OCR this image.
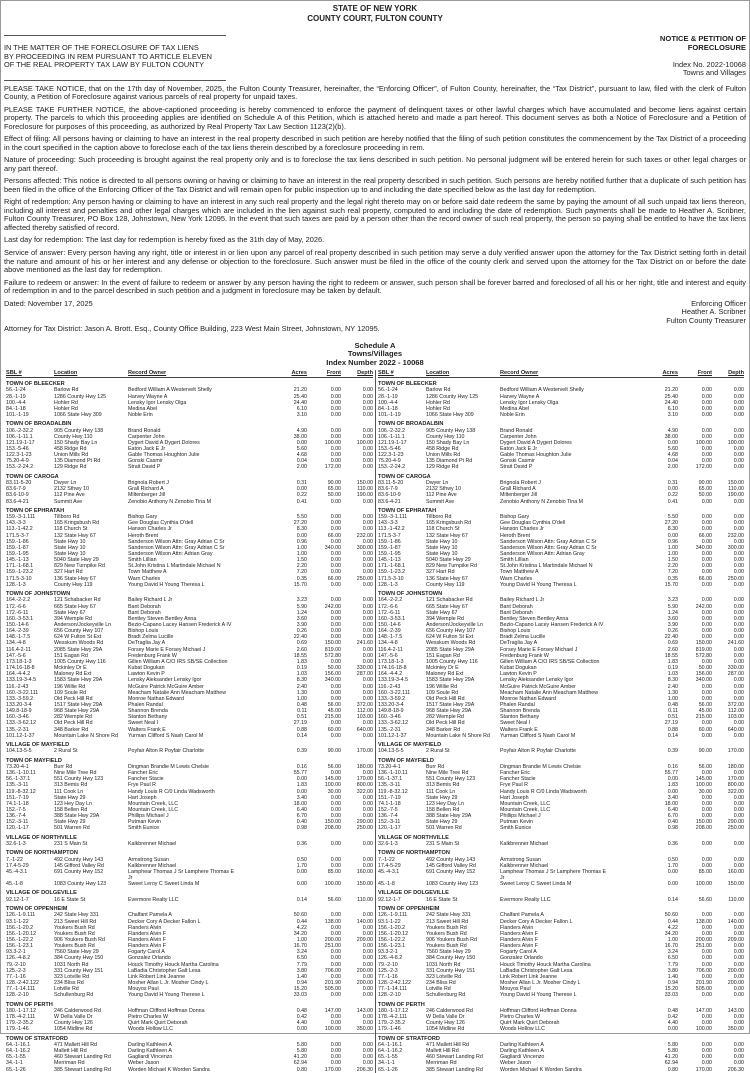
STATE OF NEW YORK
COUNTY COURT, FULTON COUNTY
IN THE MATTER OF THE FORECLOSURE OF TAX LIENS
BY PROCEEDING IN REM PURSUANT TO ARTICLE ELEVEN
OF THE REAL PROPERTY TAX LAW BY FULTON COUNTY
NOTICE & PETITION OF
FORECLOSURE
Index No. 2022-10068
Towns and Villages

PLEASE TAKE NOTICE, that on the 17th day of November, 2025, the Fulton County Treasurer, hereinafter, the “Enforcing Officer”, of Fulton County, hereinafter, the “Tax District”, pursuant to law, filed with the clerk of Fulton County, a Petition of Foreclosure against various parcels of real property for unpaid taxes.

PLEASE TAKE FURTHER NOTICE, the above-captioned proceeding is hereby commenced to enforce the payment of delinquent taxes or other lawful charges which have accumulated and become liens against certain property. The parcels to which this proceeding applies are identified on Schedule A of this Petition, which is attached hereto and made a part hereof. This document serves as both a Notice of Foreclosure and a Petition of Foreclosure for purposes of this proceeding, as authorized by Real Property Tax Law Section 1123(2)(b).

Effect of filing: All persons having or claiming to have an interest in the real property described in such petition are hereby notified that the filing of such petition constitutes the commencement by the Tax District of a proceeding in the court specified in the caption above to foreclose each of the tax liens therein described by a foreclosure proceeding in rem.

Nature of proceeding: Such proceeding is brought against the real property only and is to foreclose the tax liens described in such petition. No personal judgment will be entered herein for such taxes or other legal charges or any part thereof.

Persons affected: This notice is directed to all persons owning or having or claiming to have an interest in the real property described in such petition. Such persons are hereby notified further that a duplicate of such petition has been filed in the office of the Enforcing Officer of the Tax District and will remain open for public inspection up to and including the date specified below as the last day for redemption.

Right of redemption: Any person having or claiming to have an interest in any such real property and the legal right thereto may on or before said date redeem the same by paying the amount of all such unpaid tax liens thereon, including all interest and penalties and other legal charges which are included in the lien against such real property, computed to and including the date of redemption. Such payments shall be made to Heather A. Scribner, Fulton County Treasurer, PO Box 128, Johnstown, New York 12095. In the event that such taxes are paid by a person other than the record owner of such real property, the person so paying shall be entitled to have the tax liens affected thereby satisfied of record.

Last day for redemption: The last day for redemption is hereby fixed as the 31th day of May, 2026.

Service of answer: Every person having any right, title or interest in or lien upon any parcel of real property described in such petition may serve a duly verified answer upon the attorney for the Tax District setting forth in detail the nature and amount of his or her interest and any defense or objection to the foreclosure. Such answer must be filed in the office of the county clerk and served upon the attorney for the Tax District on or before the date above mentioned as the last day for redemption.

Failure to redeem or answer: In the event of failure to redeem or answer by any person having the right to redeem or answer, such person shall be forever barred and foreclosed of all his or her right, title and interest and equity of redemption in and to the parcel described in such petition and a judgment in foreclosure may be taken by default.

Dated: November 17, 2025	Enforcing Officer
Heather A. Scribner
Fulton County Treasurer

Attorney for Tax District: Jason A. Brott. Esq., County Office Building, 223 West Main Street, Johnstown, NY 12095.

Schedule A
Towns/Villages
Index Number 2022 - 10068
SBL #	Location	Record Owner	Acres	Front	Depth
TOWN OF BLEECKER
56.-1-24	Barlow Rd	Bedford William A Westervelt Shelly	21.20	0.00	0.00
28.-1-19	1286 County Hwy 125	Harvey Wayne A	25.40	0.00	0.00
100.-4-4	Hohler Rd	Lensky Igor Lensky Olga	24.40	0.00	0.00
84.-1-18	Hohler Rd	Medina Abel	6.10	0.00	0.00
101.-1-19	1066 State Hwy 309	Noble Erin	3.10	0.00	0.00
TOWN OF BROADALBIN
106.-2-32.2	905 County Hwy 138	Brand Ronald	4.90	0.00	0.00
106.-1-11.1	County Hwy 110	Carpenter John	38.00	0.00	0.00
121.19-1-17	150 Shady Bay Ln	Dygert David A Dygert Dolores	0.00	100.00	100.00
153.-5-46	458 Ridge Rd	Eaton Jack E Jr	5.60	0.00	0.00
122.3-1-23	Union Mills Rd	Gable Thomas Houghton Julie	4.68	0.00	0.00
75.20-4-9	135 Diamond Pt Rd	Gonski Casmir	0.04	0.00	0.00
153.-2-24.2	129 Ridge Rd	Strait David P	2.00	172.00	0.00
TOWN OF CAROGA
83.11-5-20	Dwyer Ln	Brignola Robert J	0.31	90.00	150.00
83.6-7-9	2132 Sthwy 10	Grall Richard A	0.00	65.00	110.00
83.6-10-9	112 Pine Ave	Miltenberger Jill	0.22	50.00	190.00
83.6-4-21	Summit Ave	Zenobio Anthony N Zenobio Tina M	0.41	0.00	0.00
TOWN OF EPHRATAH
159.-3-1.111	Tillboro Rd	Bishop Gary	5.50	0.00	0.00
143.-3-3	165 Kringsbush Rd	Gee Douglas Cynthia O'dell	27.20	0.00	0.00
113.-1-42.2	118 Church St	Hanson Charles Jr	8.30	0.00	0.00
171.5-3-7	132 State Hwy 67	Heroth Brent	0.00	66.00	232.00
159.-1-86	State Hwy 10	Sanderson Wilson Attn: Gray Adrian C Sr	0.96	0.00	0.00
159.-1-87	State Hwy 10	Sanderson Wilson Attn: Gray Adrian C Sr	1.00	340.00	300.00
159.-1-95	State Hwy 10	Sanderson Wilson Attn: Adrian Gray	1.00	0.00	0.00
145.-1-13	5040 State Hwy 29	Smith Lillian	1.50	0.00	0.00
171.-1-68.1	829 New Turnpike Rd	St.John Kristina L Martindale Michael N	2.20	0.00	0.00
159.-1-23.2	327 Hart Rd	Town Matthew A	7.20	0.00	0.00
171.5-3-10	136 State Hwy 67	Warn Charles	0.35	66.00	250.00
128.-1-3	County Hwy 119	Young David H Young Theresa L	15.70	0.00	0.00
TOWN OF JOHNSTOWN
164.-2-2.2	121 Schabacker Rd	Bailey Richard L Jr	3.23	0.00	0.00
172.-6-6	665 State Hwy 67	Bant Deborah	5.90	242.00	0.00
172.-6-11	State Hwy 67	Bant Deborah	1.24	0.00	0.00
160.-3-53.1	394 Wemple Rd	Bentley Steven Bentley Anna	3.60	0.00	0.00
150.-14-6	Anderson/Jockeyville Ln	Bezio-Capano Lacey Hansen Frederick A IV	3.90	0.00	0.00
164.-2-39	656 County Hwy 107	Bishop Louis	0.26	0.00	0.00
148.-1-7.5	624 W Fulton St Ext	Bradt Zelma Lucille	22.40	0.00	0.00
134.-4-8	Wesskum Woods Rd	DeTraglia Jay A	0.69	150.00	241.60
116.4-2-11	2085 State Hwy 29A	Forsey Marie E Forsey Michael J	2.60	819.00	0.00
147.-5-6	151 Eagan Rd	Fredenburg Frank W	18.55	572.80	0.00
173.18-1-3	1005 County Hwy 116	Gillen William A C/O IRS SB/SE Collection	1.83	0.00	0.00
174.16-18-8	Mckinley Dr E	Kubat Dogukan	0.19	50.00	330.00
164.-4-4.2	Maloney Rd Ext	Lawton Kevin P	1.03	156.00	287.00
133.19-3-4.5	1583 State Hwy 29A	Lensky Aleksander Lensky Igor	8.30	340.00	0.00
116.-2-43	196 Willie Rd	McGuire Patrick McGuire Amber	2.40	0.00	0.00
160.-3-22.111	109 Soule Rd	Meacham Natalie Ann Meacham Matthew	1.30	0.00	0.00
133.-3-59.2	Old Peck Hill Rd	Monroe Nathan Edward	1.00	0.00	0.00
133.20-3-4	1517 State Hwy 29A	Phalen Randal	0.48	56.00	372.00
149.8-18-9	968 State Hwy 29A	Shannon Brenda	0.11	45.00	112.00
160.-3-46	282 Wemple Rd	Stanton Bethany	0.51	215.00	103.00
133.-3-62.12	Old Peck Hill Rd	Sweet Neal I	27.19	0.00	0.00
135.-2-31	348 Barker Rd	Walters Frank E	0.88	60.00	640.00
101.12-1-37	Mountain Lake N Shore Rd	Yurman Clifford S Nash Carol M	0.14	0.00	0.00
VILLAGE OF MAYFIELD
104.13-5-5	2 Rural St	Poyfair Alton R Poyfair Charlotte	0.39	90.00	170.00
TOWN OF MAYFIELD
73.20-4-1	Burr Rd	Dingman Brandie M Lewis Chelsie	0.16	56.00	180.00
136.-1-10.11	Nine Mile Tree Rd	Fancher Eric	55.77	0.00	0.00
56.-1-37.1	551 County Hwy 123	Fancher Stacie	0.00	145.00	170.00
135.-3-11	313 Bemis Rd	Frye Paul R	1.83	100.00	800.00
119.-8-32.12	111 Cook Ln	Handy Louis R C/0 Linda Wadsworth	0.00	30.00	322.00
151.-7-19	State Hwy 29	Hart Joseph	3.40	0.00	0.00
74.1-1-18	123 Hey Day Ln	Mountain Creek, LLC	18.00	0.00	0.00
152.-7-5	158 Bellen Rd	Mountain Creek, LLC	6.40	0.00	0.00
136.-7-4	388 State Hwy 29A	Phillips Michael J	6.70	0.00	0.00
152.-3-11	State Hwy 29	Putman Kevin	0.40	150.00	290.00
120.-1-17	501 Warren Rd	Smith Eunice	0.98	208.00	250.00
VILLAGE OF NORTHVILLE
32.6-1-3	231 S Main St	Kalkbrenner Michael	0.36	0.00	0.00
TOWN OF NORTHAMPTON
7.-1-22	492 County Hwy 143	Armstrong Susan	0.50	0.00	0.00
17.4-5-29	145 Gifford Valley Rd	Kalkbrenner Michael	1.70	0.00	0.00
45.-4-3.1	691 County Hwy 152	Lamphear Thomas J Sr Lamphere Thomas E Jr
0.00	85.00	160.00
45.-1-8	1083 County Hwy 123	Sweet Leroy C Sweet Linda M	0.00	100.00	150.00
VILLAGE OF DOLGEVILLE
92.12-1-7	16 E State St	Evermore Realty LLC	0.14	56.60	110.00
TOWN OF OPPENHEIM
126.-1-9.111	242 State Hwy 331	Chalfant Pamela A	50.60	0.00	0.00
93.1-1-22	213 Sweet Hill Rd	Decker Cory A Decker Fallon L	0.44	138.00	140.00
156.-1-20.2	Youkers Bush Rd	Flanders Alvin	4.22	0.00	0.00
156.-1-20.12	Youkers Bush Rd	Flanders Alvin F	34.20	0.00	0.00
156.-1-22.2	906 Youkers Bush Rd	Flanders Alvin F	1.00	200.00	209.00
156.-1-23.1	Youkers Bush Rd	Flanders Alvin F	16.70	251.00	0.00
93.3-2-1	7560 State Hwy 29	Fogarty Carol A	3.24	0.00	0.00
126.-4-8.2	384 County Hwy 150	Gonzalez Orlando	6.50	0.00	0.00
79.-2-10	1031 North Rd	Houck Timothy Houck Martha Carolina	7.79	0.00	0.00
125.-2-3	331 County Hwy 151	LaBadia Christopher Galt Lesa	3.80	706.00	200.00
77.-1-16	323 Lotville Rd	Link Robert Link Jeanne	1.40	0.00	0.00
128.-2-42.122	234 Bliss Rd	Mosher Allan L Jr. Mosher Cindy L	0.94	201.90	200.00
77.-1-14.111	Lotville Rd	Mouyos Paul	15.20	505.00	0.00
128.-2-10	Schullenburg Rd	Young David H Young Therese L	33.03	0.00	0.00
TOWN OF PERTH
180.-1-17.12	246 Calderwood Rd	Hoffman Clifford Hoffman Donna	0.48	147.00	143.00
178.-4-2.111	W Della Valle Dr	Pietro Charles W	0.42	0.00	0.00
179.-2-35.2	County Hwy 126	Quirt Mark Quirt Deborah	4.40	0.00	0.00
179.-1-46	1054 Midline Rd	Woods Hollow LLC	0.00	100.00	350.00
TOWN OF STRATFORD
64.-1-16.1	471 Mallett Hill Rd	Darling Kathleen A	5.80	0.00	0.00
64.-1-16.2	Mallett Hill Rd	Darling Kathleen A	5.80	0.00	0.00
65.-1-55	460 Stewart Landing Rd	Gagliardi Vincenzo	41.20	0.00	0.00
34.-1-1	Merriman Rd	Weber Jason	62.94	0.00	0.00
65.-1-26	385 Stewart Landing Rd	Worden Michael K Worden Sandra	0.80	170.00	206.30
SBL #	Location	Record Owner	Acres	Front	Depth
TOWN OF BLEECKER
56.-1-24	Barlow Rd	Bedford William A Westervelt Shelly	21.20	0.00	0.00
28.-1-19	1286 County Hwy 125	Harvey Wayne A	25.40	0.00	0.00
100.-4-4	Hohler Rd	Lensky Igor Lensky Olga	24.40	0.00	0.00
84.-1-18	Hohler Rd	Medina Abel	6.10	0.00	0.00
101.-1-19	1066 State Hwy 309	Noble Erin	3.10	0.00	0.00
TOWN OF BROADALBIN
106.-2-32.2	905 County Hwy 138	Brand Ronald	4.90	0.00	0.00
106.-1-11.1	County Hwy 110	Carpenter John	38.00	0.00	0.00
121.19-1-17	150 Shady Bay Ln	Dygert David A Dygert Dolores	0.00	100.00	100.00
153.-5-46	458 Ridge Rd	Eaton Jack E Jr	5.60	0.00	0.00
122.3-1-23	Union Mills Rd	Gable Thomas Houghton Julie	4.68	0.00	0.00
75.20-4-9	135 Diamond Pt Rd	Gonski Casmir	0.04	0.00	0.00
153.-2-24.2	129 Ridge Rd	Strait David P	2.00	172.00	0.00
TOWN OF CAROGA
83.11-5-20	Dwyer Ln	Brignola Robert J	0.31	90.00	150.00
83.6-7-9	2132 Sthwy 10	Grall Richard A	0.00	65.00	110.00
83.6-10-9	112 Pine Ave	Miltenberger Jill	0.22	50.00	190.00
83.6-4-21	Summit Ave	Zenobio Anthony N Zenobio Tina M	0.41	0.00	0.00
TOWN OF EPHRATAH
159.-3-1.111	Tillboro Rd	Bishop Gary	5.50	0.00	0.00
143.-3-3	165 Kringsbush Rd	Gee Douglas Cynthia O'dell	27.20	0.00	0.00
113.-1-42.2	118 Church St	Hanson Charles Jr	8.30	0.00	0.00
171.5-3-7	132 State Hwy 67	Heroth Brent	0.00	66.00	232.00
159.-1-86	State Hwy 10	Sanderson Wilson Attn: Gray Adrian C Sr	0.96	0.00	0.00
159.-1-87	State Hwy 10	Sanderson Wilson Attn: Gray Adrian C Sr	1.00	340.00	300.00
159.-1-95	State Hwy 10	Sanderson Wilson Attn: Adrian Gray	1.00	0.00	0.00
145.-1-13	5040 State Hwy 29	Smith Lillian	1.50	0.00	0.00
171.-1-68.1	829 New Turnpike Rd	St.John Kristina L Martindale Michael N	2.20	0.00	0.00
159.-1-23.2	327 Hart Rd	Town Matthew A	7.20	0.00	0.00
171.5-3-10	136 State Hwy 67	Warn Charles	0.35	66.00	250.00
128.-1-3	County Hwy 119	Young David H Young Theresa L	15.70	0.00	0.00
TOWN OF JOHNSTOWN
164.-2-2.2	121 Schabacker Rd	Bailey Richard L Jr	3.23	0.00	0.00
172.-6-6	665 State Hwy 67	Bant Deborah	5.90	242.00	0.00
172.-6-11	State Hwy 67	Bant Deborah	1.24	0.00	0.00
160.-3-53.1	394 Wemple Rd	Bentley Steven Bentley Anna	3.60	0.00	0.00
150.-14-6	Anderson/Jockeyville Ln	Bezio-Capano Lacey Hansen Frederick A IV	3.90	0.00	0.00
164.-2-39	656 County Hwy 107	Bishop Louis	0.26	0.00	0.00
148.-1-7.5	624 W Fulton St Ext	Bradt Zelma Lucille	22.40	0.00	0.00
134.-4-8	Wesskum Woods Rd	DeTraglia Jay A	0.69	150.00	241.60
116.4-2-11	2085 State Hwy 29A	Forsey Marie E Forsey Michael J	2.60	819.00	0.00
147.-5-6	151 Eagan Rd	Fredenburg Frank W	18.55	572.80	0.00
173.18-1-3	1005 County Hwy 116	Gillen William A C/O IRS SB/SE Collection	1.83	0.00	0.00
174.16-18-8	Mckinley Dr E	Kubat Dogukan	0.19	50.00	330.00
164.-4-4.2	Maloney Rd Ext	Lawton Kevin P	1.03	156.00	287.00
133.19-3-4.5	1583 State Hwy 29A	Lensky Aleksander Lensky Igor	8.30	340.00	0.00
116.-2-43	196 Willie Rd	McGuire Patrick McGuire Amber	2.40	0.00	0.00
160.-3-22.111	109 Soule Rd	Meacham Natalie Ann Meacham Matthew	1.30	0.00	0.00
133.-3-59.2	Old Peck Hill Rd	Monroe Nathan Edward	1.00	0.00	0.00
133.20-3-4	1517 State Hwy 29A	Phalen Randal	0.48	56.00	372.00
149.8-18-9	968 State Hwy 29A	Shannon Brenda	0.11	45.00	112.00
160.-3-46	282 Wemple Rd	Stanton Bethany	0.51	215.00	103.00
133.-3-62.12	Old Peck Hill Rd	Sweet Neal I	27.19	0.00	0.00
135.-2-31	348 Barker Rd	Walters Frank E	0.88	60.00	640.00
101.12-1-37	Mountain Lake N Shore Rd	Yurman Clifford S Nash Carol M	0.14	0.00	0.00
VILLAGE OF MAYFIELD
104.13-5-5	2 Rural St	Poyfair Alton R Poyfair Charlotte	0.39	90.00	170.00
TOWN OF MAYFIELD
73.20-4-1	Burr Rd	Dingman Brandie M Lewis Chelsie	0.16	56.00	180.00
136.-1-10.11	Nine Mile Tree Rd	Fancher Eric	55.77	0.00	0.00
56.-1-37.1	551 County Hwy 123	Fancher Stacie	0.00	145.00	170.00
135.-3-11	313 Bemis Rd	Frye Paul R	1.83	100.00	800.00
119.-8-32.12	111 Cook Ln	Handy Louis R C/0 Linda Wadsworth	0.00	30.00	322.00
151.-7-19	State Hwy 29	Hart Joseph	3.40	0.00	0.00
74.1-1-18	123 Hey Day Ln	Mountain Creek, LLC	18.00	0.00	0.00
152.-7-5	158 Bellen Rd	Mountain Creek, LLC	6.40	0.00	0.00
136.-7-4	388 State Hwy 29A	Phillips Michael J	6.70	0.00	0.00
152.-3-11	State Hwy 29	Putman Kevin	0.40	150.00	290.00
120.-1-17	501 Warren Rd	Smith Eunice	0.98	208.00	250.00
VILLAGE OF NORTHVILLE
32.6-1-3	231 S Main St	Kalkbrenner Michael	0.36	0.00	0.00
TOWN OF NORTHAMPTON
7.-1-22	492 County Hwy 143	Armstrong Susan	0.50	0.00	0.00
17.4-5-29	145 Gifford Valley Rd	Kalkbrenner Michael	1.70	0.00	0.00
45.-4-3.1	691 County Hwy 152	Lamphear Thomas J Sr Lamphere Thomas E Jr
0.00	85.00	160.00
45.-1-8	1083 County Hwy 123	Sweet Leroy C Sweet Linda M	0.00	100.00	150.00
VILLAGE OF DOLGEVILLE
92.12-1-7	16 E State St	Evermore Realty LLC	0.14	56.60	110.00
TOWN OF OPPENHEIM
126.-1-9.111	242 State Hwy 331	Chalfant Pamela A	50.60	0.00	0.00
93.1-1-22	213 Sweet Hill Rd	Decker Cory A Decker Fallon L	0.44	138.00	140.00
156.-1-20.2	Youkers Bush Rd	Flanders Alvin	4.22	0.00	0.00
156.-1-20.12	Youkers Bush Rd	Flanders Alvin F	34.20	0.00	0.00
156.-1-22.2	906 Youkers Bush Rd	Flanders Alvin F	1.00	200.00	209.00
156.-1-23.1	Youkers Bush Rd	Flanders Alvin F	16.70	251.00	0.00
93.3-2-1	7560 State Hwy 29	Fogarty Carol A	3.24	0.00	0.00
126.-4-8.2	384 County Hwy 150	Gonzalez Orlando	6.50	0.00	0.00
79.-2-10	1031 North Rd	Houck Timothy Houck Martha Carolina	7.79	0.00	0.00
125.-2-3	331 County Hwy 151	LaBadia Christopher Galt Lesa	3.80	706.00	200.00
77.-1-16	323 Lotville Rd	Link Robert Link Jeanne	1.40	0.00	0.00
128.-2-42.122	234 Bliss Rd	Mosher Allan L Jr. Mosher Cindy L	0.94	201.90	200.00
77.-1-14.111	Lotville Rd	Mouyos Paul	15.20	505.00	0.00
128.-2-10	Schullenburg Rd	Young David H Young Therese L	33.03	0.00	0.00
TOWN OF PERTH
180.-1-17.12	246 Calderwood Rd	Hoffman Clifford Hoffman Donna	0.48	147.00	143.00
178.-4-2.111	W Della Valle Dr	Pietro Charles W	0.42	0.00	0.00
179.-2-35.2	County Hwy 126	Quirt Mark Quirt Deborah	4.40	0.00	0.00
179.-1-46	1054 Midline Rd	Woods Hollow LLC	0.00	100.00	350.00
TOWN OF STRATFORD
64.-1-16.1	471 Mallett Hill Rd	Darling Kathleen A	5.80	0.00	0.00
64.-1-16.2	Mallett Hill Rd	Darling Kathleen A	5.80	0.00	0.00
65.-1-55	460 Stewart Landing Rd	Gagliardi Vincenzo	41.20	0.00	0.00
34.-1-1	Merriman Rd	Weber Jason	62.94	0.00	0.00
65.-1-26	385 Stewart Landing Rd	Worden Michael K Worden Sandra	0.80	170.00	206.30
